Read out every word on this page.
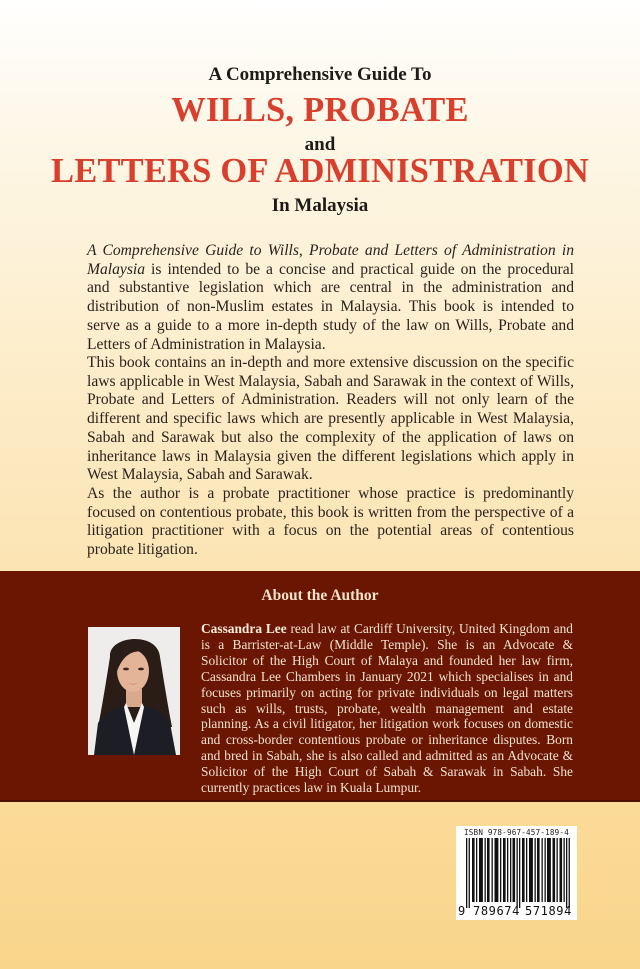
A Comprehensive Guide To
WILLS, PROBATE
and
LETTERS OF ADMINISTRATION
In Malaysia

A Comprehensive Guide to Wills, Probate and Letters of Administration in Malaysia is intended to be a concise and practical guide on the procedural and substantive legislation which are central in the administration and distribution of non-Muslim estates in Malaysia. This book is intended to serve as a guide to a more in-depth study of the law on Wills, Probate and Letters of Administration in Malaysia.

This book contains an in-depth and more extensive discussion on the specific laws applicable in West Malaysia, Sabah and Sarawak in the context of Wills, Probate and Letters of Administration. Readers will not only learn of the different and specific laws which are presently applicable in West Malaysia, Sabah and Sarawak but also the complexity of the application of laws on inheritance laws in Malaysia given the different legislations which apply in West Malaysia, Sabah and Sarawak.

As the author is a probate practitioner whose practice is predominantly focused on contentious probate, this book is written from the perspective of a litigation practitioner with a focus on the potential areas of contentious probate litigation.

About the Author

Cassandra Lee read law at Cardiff University, United Kingdom and is a Barrister-at-Law (Middle Temple). She is an Advocate & Solicitor of the High Court of Malaya and founded her law firm, Cassandra Lee Chambers in January 2021 which specialises in and focuses primarily on acting for private individuals on legal matters such as wills, trusts, probate, wealth management and estate planning. As a civil litigator, her litigation work focuses on domestic and cross-border contentious probate or inheritance disputes. Born and bred in Sabah, she is also called and admitted as an Advocate & Solicitor of the High Court of Sabah & Sarawak in Sabah. She currently practices law in Kuala Lumpur.

ISBN 978-967-457-189-4
9 789674 571894
